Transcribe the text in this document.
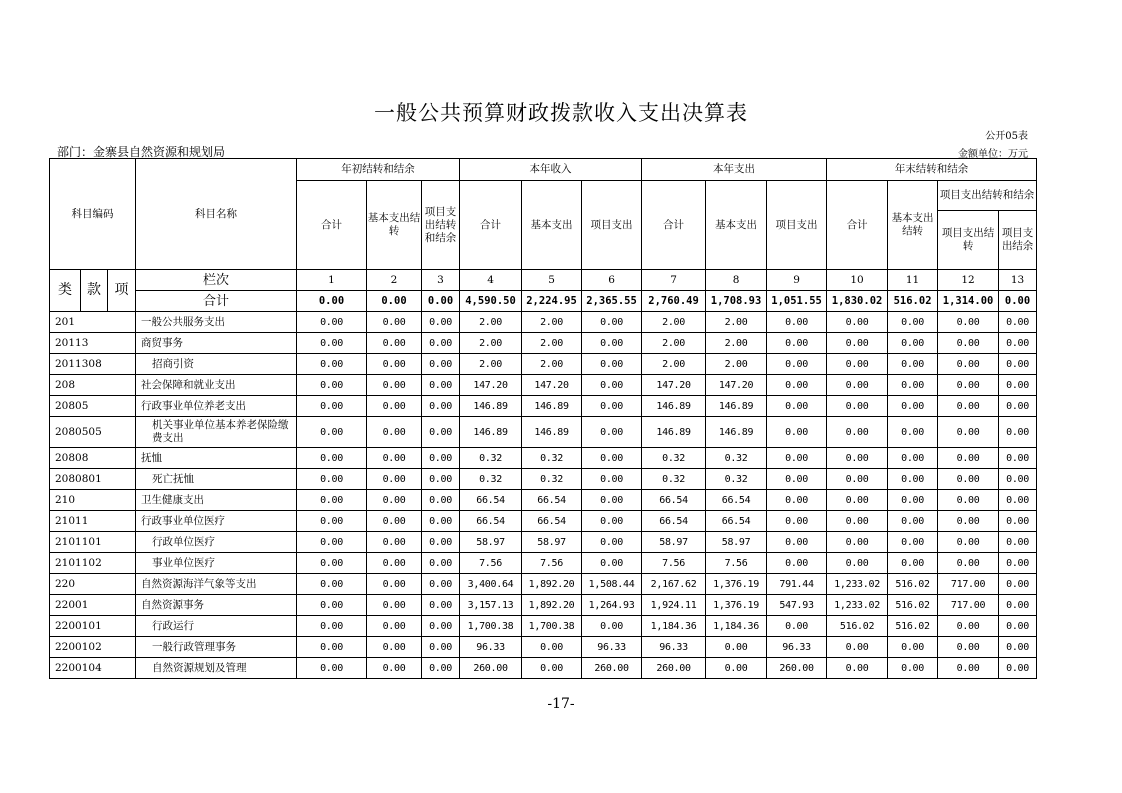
一般公共预算财政拨款收入支出决算表
公开05表
部门：金寨县自然资源和规划局	金额单位：万元
科目编码			科目名称	年初结转和结余			本年收入			本年支出			年末结转和结余			
				合计	基本支出结转	项目支出结转和结余	合计	基本支出	项目支出	合计	基本支出	项目支出	合计	基本支出结转	项目支出结转和结余	
															项目支出结转	项目支出结余
类	款	项	栏次	1	2	3	4	5	6	7	8	9	10	11	12	13
			合计	0.00	0.00	0.00	4,590.50	2,224.95	2,365.55	2,760.49	1,708.93	1,051.55	1,830.02	516.02	1,314.00	0.00
201			一般公共服务支出	0.00	0.00	0.00	2.00	2.00	0.00	2.00	2.00	0.00	0.00	0.00	0.00	0.00
20113			商贸事务	0.00	0.00	0.00	2.00	2.00	0.00	2.00	2.00	0.00	0.00	0.00	0.00	0.00
2011308			招商引资	0.00	0.00	0.00	2.00	2.00	0.00	2.00	2.00	0.00	0.00	0.00	0.00	0.00
208			社会保障和就业支出	0.00	0.00	0.00	147.20	147.20	0.00	147.20	147.20	0.00	0.00	0.00	0.00	0.00
20805			行政事业单位养老支出	0.00	0.00	0.00	146.89	146.89	0.00	146.89	146.89	0.00	0.00	0.00	0.00	0.00
2080505			机关事业单位基本养老保险缴费支出	0.00	0.00	0.00	146.89	146.89	0.00	146.89	146.89	0.00	0.00	0.00	0.00	0.00
20808			抚恤	0.00	0.00	0.00	0.32	0.32	0.00	0.32	0.32	0.00	0.00	0.00	0.00	0.00
2080801			死亡抚恤	0.00	0.00	0.00	0.32	0.32	0.00	0.32	0.32	0.00	0.00	0.00	0.00	0.00
210			卫生健康支出	0.00	0.00	0.00	66.54	66.54	0.00	66.54	66.54	0.00	0.00	0.00	0.00	0.00
21011			行政事业单位医疗	0.00	0.00	0.00	66.54	66.54	0.00	66.54	66.54	0.00	0.00	0.00	0.00	0.00
2101101			行政单位医疗	0.00	0.00	0.00	58.97	58.97	0.00	58.97	58.97	0.00	0.00	0.00	0.00	0.00
2101102			事业单位医疗	0.00	0.00	0.00	7.56	7.56	0.00	7.56	7.56	0.00	0.00	0.00	0.00	0.00
220			自然资源海洋气象等支出	0.00	0.00	0.00	3,400.64	1,892.20	1,508.44	2,167.62	1,376.19	791.44	1,233.02	516.02	717.00	0.00
22001			自然资源事务	0.00	0.00	0.00	3,157.13	1,892.20	1,264.93	1,924.11	1,376.19	547.93	1,233.02	516.02	717.00	0.00
2200101			行政运行	0.00	0.00	0.00	1,700.38	1,700.38	0.00	1,184.36	1,184.36	0.00	516.02	516.02	0.00	0.00
2200102			一般行政管理事务	0.00	0.00	0.00	96.33	0.00	96.33	96.33	0.00	96.33	0.00	0.00	0.00	0.00
2200104			自然资源规划及管理	0.00	0.00	0.00	260.00	0.00	260.00	260.00	0.00	260.00	0.00	0.00	0.00	0.00
-17-
